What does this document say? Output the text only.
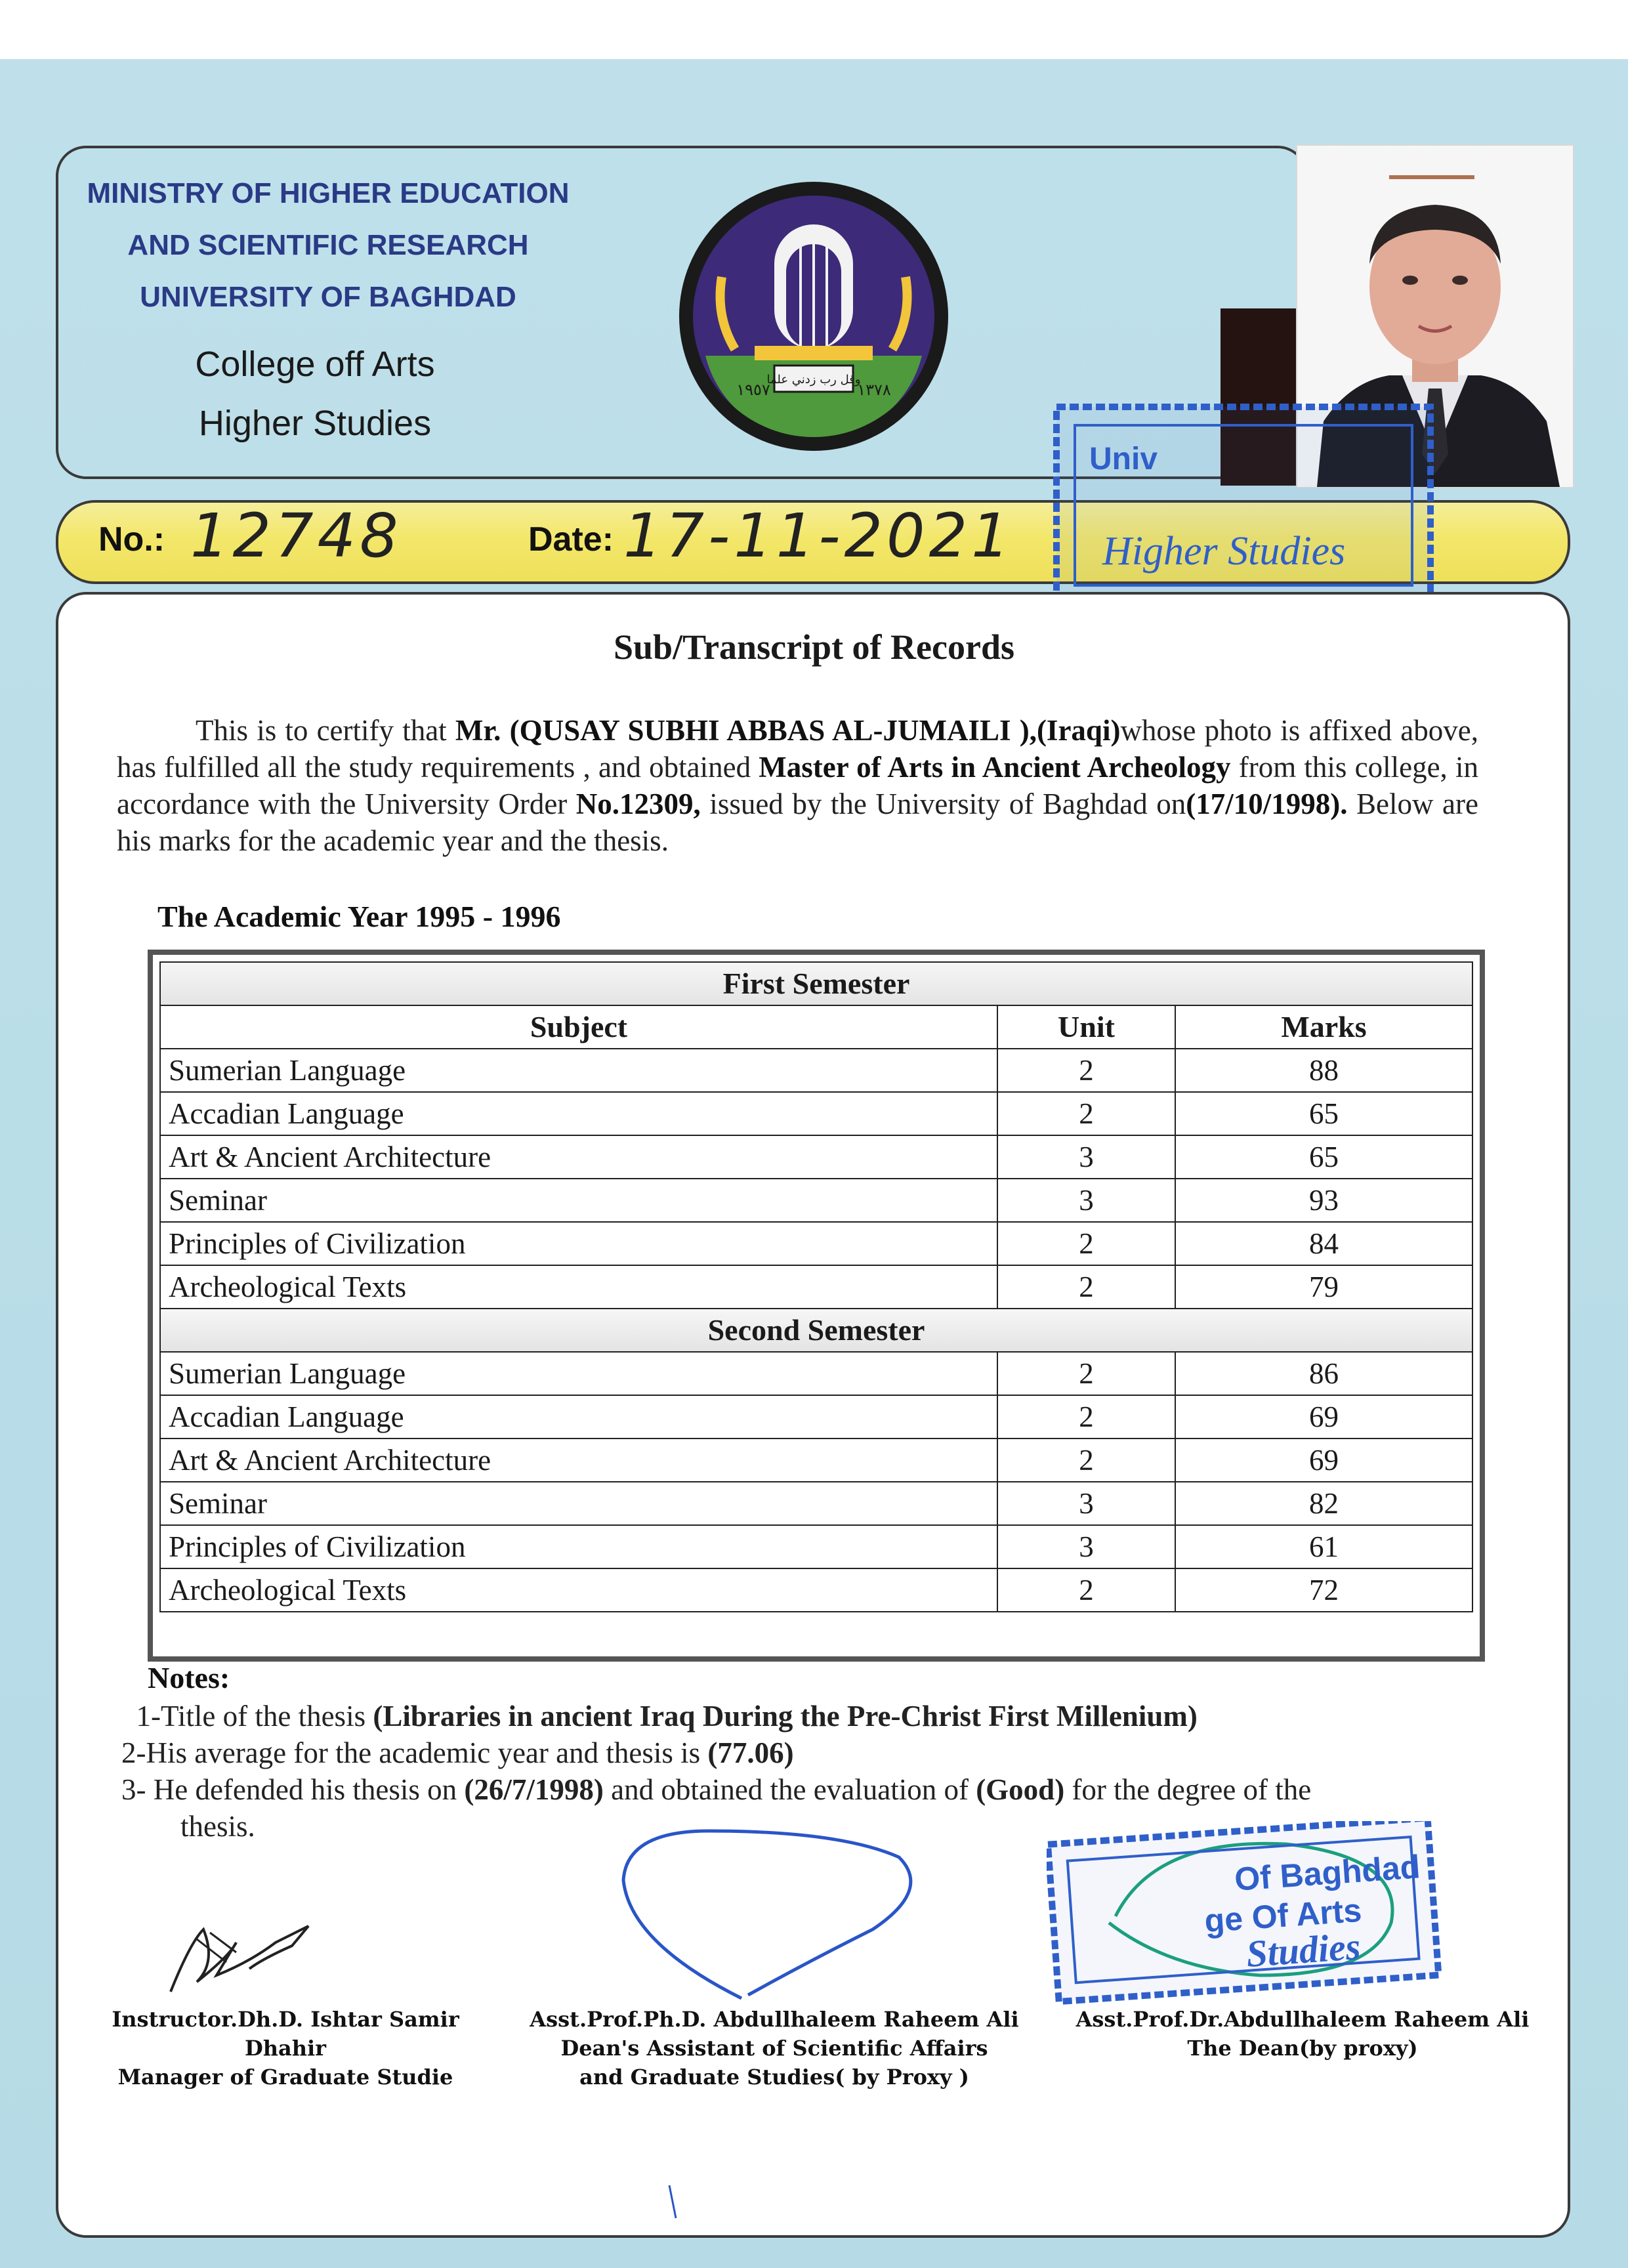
MINISTRY OF HIGHER EDUCATION
AND SCIENTIFIC RESEARCH
UNIVERSITY OF BAGHDAD
College off Arts
Higher Studies
وقل رب زدني علما
١٩٥٧	١٣٧٨
No.: 12748	Date: 17-11-2021
Univ
Higher Studies
Sub/Transcript of Records
This is to certify that Mr. (QUSAY SUBHI ABBAS AL-JUMAILI ),(Iraqi)whose photo is affixed above, has fulfilled all the study requirements , and obtained Master of Arts in Ancient Archeology from this college, in accordance with the University Order No.12309, issued by the University of Baghdad on(17/10/1998). Below are his marks for the academic year and the thesis.
The Academic Year 1995 - 1996
First Semester		
Subject	Unit	Marks
Sumerian Language	2	88
Accadian Language	2	65
Art & Ancient Architecture	3	65
Seminar	3	93
Principles of Civilization	2	84
Archeological Texts	2	79
Second Semester		
Sumerian Language	2	86
Accadian Language	2	69
Art & Ancient Architecture	2	69
Seminar	3	82
Principles of Civilization	3	61
Archeological Texts	2	72
Notes:
1-Title of the thesis (Libraries in ancient Iraq During the Pre-Christ First Millenium)
2-His average for the academic year and thesis is (77.06)
3- He defended his thesis on (26/7/1998) and obtained the evaluation of (Good) for the degree of the
thesis.
Of Baghdad
ge Of Arts
Studies
Instructor.Dh.D. Ishtar Samir Dhahir
Manager of Graduate Studie
Asst.Prof.Ph.D. Abdullhaleem Raheem Ali
Dean's Assistant of Scientific Affairs
and Graduate Studies( by Proxy )
Asst.Prof.Dr.Abdullhaleem Raheem Ali
The Dean(by proxy)
